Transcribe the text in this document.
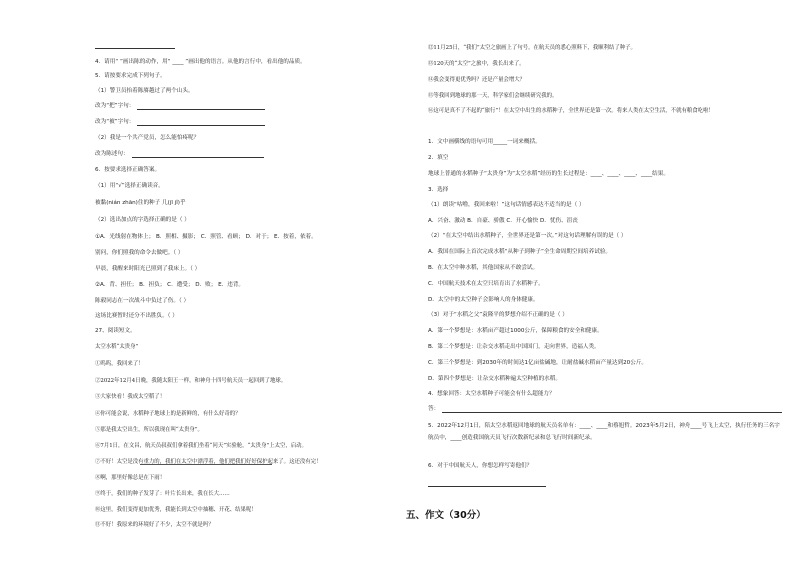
4．请用“ ”画出陈的动作，用“ ____ ”画出他的语言。从他的言行中，看出他的品质。
5．请按要求完成下列句子。
（1）警卫员抬着陈赓越过了两个山头。
改为“把”字句：
改为“被”字句：
（2）我是一个共产党员，怎么能怕疼呢？
改为陈述句：
6．按要求选择正确答案。
（1）用“√”选择正确读音。
被黏(nián zhān)住的种子 几(jī jǐ)乎
（2）选出加点的字选择正确的是（ ）
①A．光线射在物体上； B．照相、摄影； C．照管、看顾； D．对于； E．按着，依着。
别问，你们照我的命令去做吧。（ ）
早晨，我醒来时阳光已照到了我床上。（ ）
②A．背、担任； B．担负； C．遭受； D．败； E．违背。
陈毅同志在一次战斗中负过了伤。（ ）
这场比赛暂时还分不出胜负。（ ）
27、阅读短文。
太空水稻“太贵身”
①呜呜，我回来了！
②2022年12月4日晚，我随太阳王一样，和神舟十四号航天员一起回到了地球。
③大家快看！我成太空稻了！
④你可能会说，水稻种子地球上的是新鲜的，有什么好奇的？
⑤那是我太空出生，所以我现在叫“太贵身”。
⑥7月1日，在文昌，航天员叔叔们拿着我们坐着“问天”实验舱，“太贵身”上太空，启动。
⑦不好！太空是没有重力的，我们在太空中漂浮着，他们把我们好好保护起来了。这还没有完！
⑧啊，那里好像总是在下雨！
⑨终于，我们的种子发芽了：叶片长出来，我在长大……
⑩这里，我们变得更加优秀，我能长到太空中抽穗、开花、结果呢！
⑪不好！我原来的环境好了不少，太空不就是吗？
⑫11月25日，“我们”太空之旅画上了句号。在航天员的悉心照料下，我顺利结了种子。
⑬120天的“太空”之旅中，我长出来了。
⑭我会变得更优秀吗？还是产量会增大？
⑮等我回到地球的那一天，科学家们会继续研究我的。
⑯这可是真不了不起的“旅行”！在太空中出生的水稻种子，全世界还是第一次。将来人类在太空生活，不就有粮食吃啦！
1．文中画横线的语句可用_____一词来概括。
2．填空
地球上普通的水稻种子“太贵身”为“太空水稻”经历的生长过程是：____、____、____、____结果。
3．选择
（1）朗读“咕噜，我回来啦！”这句话情感表达不适当的是（ ）
A．兴奋、激动 B．自豪、骄傲 C．开心愉快 D．忧伤、沮丧
（2）“在太空中结出水稻种子，全世界还是第一次。”对这句话理解有误的是（ ）
A．我国在国际上首次完成水稻“从种子到种子”全生命周期空间培养试验。
B．在太空中种水稻，其他国家从不敢尝试。
C．中国航天技术在太空只培育出了水稻种子。
D．太空中的太空种子会影响人的身体健康。
（3）对于“水稻之父”袁隆平的梦想介绍不正确的是（ ）
A．第一个梦想是：水稻亩产超过1000公斤，保障粮食的安全和健康。
B．第二个梦想是：让杂交水稻走出中国国门，走向世界，造福人类。
C．第三个梦想是：到2030年的时间达1亿亩盐碱地，让耐盐碱水稻亩产量达到20公斤。
D．第四个梦想是：让杂交水稻种遍太空种植的水稻。
4．想象回答：太空水稻种子可能会有什么超能力？
答：
5．2022年12月1日，陪太空水稻返回地球的航天员名单有：____、____和蔡旭哲。2023年5月2日，神舟____号飞上太空，执行任务的三名宇航员中，____创造我国航天员飞行次数新纪录和总飞行时间新纪录。
6．对于中国航天人，你想怎样写寄他们？
五、作文（30分）
